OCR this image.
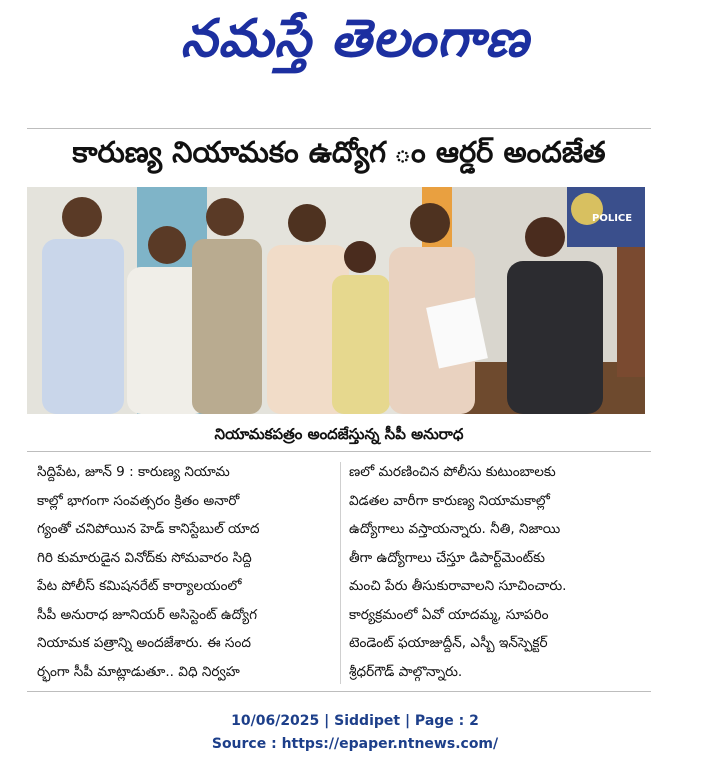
నమస్తే తెలంగాణ
కారుణ్య నియామకం ఉద్యోగ ం ఆర్డర్ అందజేత
POLICE
నియామకపత్రం అందజేస్తున్న సీపీ అనురాధ
సిద్దిపేట, జూన్ 9 : కారుణ్య నియామ
కాల్లో భాగంగా సంవత్సరం క్రితం అనారో
గ్యంతో చనిపోయిన హెడ్ కానిస్టేబుల్ యాద
గిరి కుమారుడైన వినోద్‌కు సోమవారం సిద్ది
పేట పోలీస్ కమిషనరేట్ కార్యాలయంలో
సీపీ అనురాధ జూనియర్ అసిస్టెంట్ ఉద్యోగ
నియామక పత్రాన్ని అందజేశారు. ఈ సంద
ర్భంగా సీపీ మాట్లాడుతూ.. విధి నిర్వహ
ణలో మరణించిన పోలీసు కుటుంబాలకు
విడతల వారీగా కారుణ్య నియామకాల్లో
ఉద్యోగాలు వస్తాయన్నారు. నీతి, నిజాయి
తీగా ఉద్యోగాలు చేస్తూ డిపార్ట్‌మెంట్‌కు
మంచి పేరు తీసుకురావాలని సూచించారు.
కార్యక్రమంలో ఏవో యాదమ్మ, సూపరిం
టెండెంట్ ఫయాజుద్దీన్, ఎస్బీ ఇన్‌స్పెక్టర్
శ్రీధర్‌గౌడ్ పాల్గొన్నారు.
10/06/2025 | Siddipet | Page : 2
Source : https://epaper.ntnews.com/
